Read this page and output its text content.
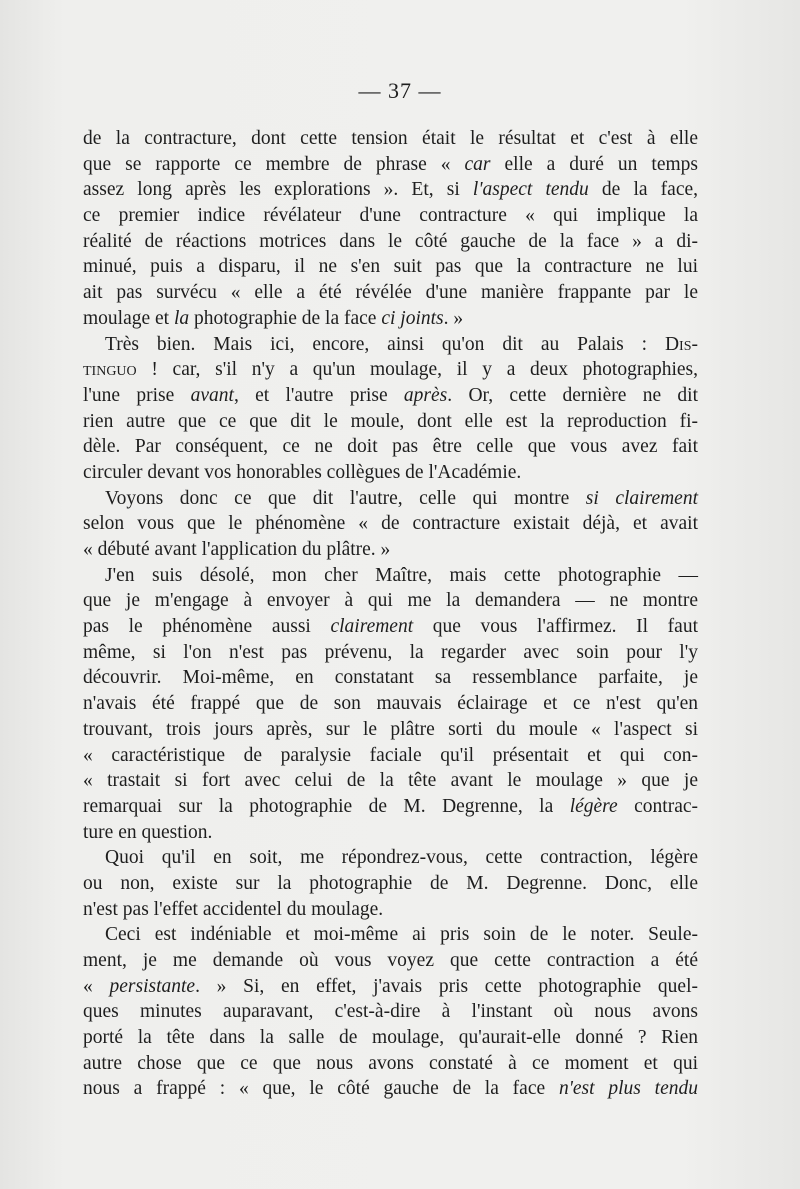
— 37 —
de la contracture, dont cette tension était le résultat et c'est à elle
que se rapporte ce membre de phrase « car elle a duré un temps
assez long après les explorations ». Et, si l'aspect tendu de la face,
ce premier indice révélateur d'une contracture « qui implique la
réalité de réactions motrices dans le côté gauche de la face » a di-
minué, puis a disparu, il ne s'en suit pas que la contracture ne lui
ait pas survécu « elle a été révélée d'une manière frappante par le
moulage et la photographie de la face ci joints. »
Très bien. Mais ici, encore, ainsi qu'on dit au Palais : Dis-
tinguo ! car, s'il n'y a qu'un moulage, il y a deux photographies,
l'une prise avant, et l'autre prise après. Or, cette dernière ne dit
rien autre que ce que dit le moule, dont elle est la reproduction fi-
dèle. Par conséquent, ce ne doit pas être celle que vous avez fait
circuler devant vos honorables collègues de l'Académie.
Voyons donc ce que dit l'autre, celle qui montre si clairement
selon vous que le phénomène « de contracture existait déjà, et avait
« débuté avant l'application du plâtre. »
J'en suis désolé, mon cher Maître, mais cette photographie —
que je m'engage à envoyer à qui me la demandera — ne montre
pas le phénomène aussi clairement que vous l'affirmez. Il faut
même, si l'on n'est pas prévenu, la regarder avec soin pour l'y
découvrir. Moi-même, en constatant sa ressemblance parfaite, je
n'avais été frappé que de son mauvais éclairage et ce n'est qu'en
trouvant, trois jours après, sur le plâtre sorti du moule « l'aspect si
« caractéristique de paralysie faciale qu'il présentait et qui con-
« trastait si fort avec celui de la tête avant le moulage » que je
remarquai sur la photographie de M. Degrenne, la légère contrac-
ture en question.
Quoi qu'il en soit, me répondrez-vous, cette contraction, légère
ou non, existe sur la photographie de M. Degrenne. Donc, elle
n'est pas l'effet accidentel du moulage.
Ceci est indéniable et moi-même ai pris soin de le noter. Seule-
ment, je me demande où vous voyez que cette contraction a été
« persistante. » Si, en effet, j'avais pris cette photographie quel-
ques minutes auparavant, c'est-à-dire à l'instant où nous avons
porté la tête dans la salle de moulage, qu'aurait-elle donné ? Rien
autre chose que ce que nous avons constaté à ce moment et qui
nous a frappé : « que, le côté gauche de la face n'est plus tendu
